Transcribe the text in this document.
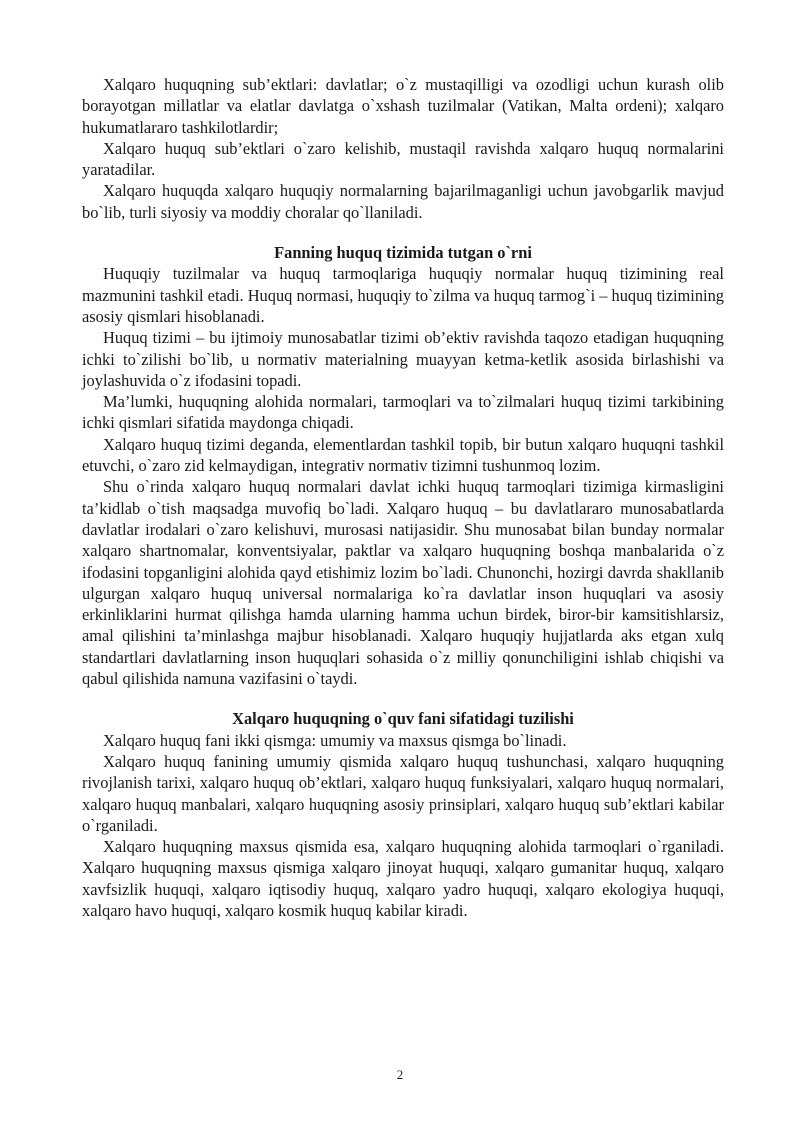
Xalqaro huquqning sub’ektlari: davlatlar; o`z mustaqilligi va ozodligi uchun kurash olib borayotgan millatlar va elatlar davlatga o`xshash tuzilmalar (Vatikan, Malta ordeni); xalqaro hukumatlararo tashkilotlardir;

Xalqaro huquq sub’ektlari o`zaro kelishib, mustaqil ravishda xalqaro huquq normalarini yaratadilar.

Xalqaro huquqda xalqaro huquqiy normalarning bajarilmaganligi uchun javobgarlik mavjud bo`lib, turli siyosiy va moddiy choralar qo`llaniladi.

Fanning huquq tizimida tutgan o`rni

Huquqiy tuzilmalar va huquq tarmoqlariga huquqiy normalar huquq tizimining real mazmunini tashkil etadi. Huquq normasi, huquqiy to`zilma va huquq tarmog`i – huquq tizimining asosiy qismlari hisoblanadi.

Huquq tizimi – bu ijtimoiy munosabatlar tizimi ob’ektiv ravishda taqozo etadigan huquqning ichki to`zilishi bo`lib, u normativ materialning muayyan ketma-ketlik asosida birlashishi va joylashuvida o`z ifodasini topadi.

Ma’lumki, huquqning alohida normalari, tarmoqlari va to`zilmalari huquq tizimi tarkibining ichki qismlari sifatida maydonga chiqadi.

Xalqaro huquq tizimi deganda, elementlardan tashkil topib, bir butun xalqaro huquqni tashkil etuvchi, o`zaro zid kelmaydigan, integrativ normativ tizimni tushunmoq lozim.

Shu o`rinda xalqaro huquq normalari davlat ichki huquq tarmoqlari tizimiga kirmasligini ta’kidlab o`tish maqsadga muvofiq bo`ladi. Xalqaro huquq – bu davlatlararo munosabatlarda davlatlar irodalari o`zaro kelishuvi, murosasi natijasidir. Shu munosabat bilan bunday normalar xalqaro shartnomalar, konventsiyalar, paktlar va xalqaro huquqning boshqa manbalarida o`z ifodasini topganligini alohida qayd etishimiz lozim bo`ladi. Chunonchi, hozirgi davrda shakllanib ulgurgan xalqaro huquq universal normalariga ko`ra davlatlar inson huquqlari va asosiy erkinliklarini hurmat qilishga hamda ularning hamma uchun birdek, biror-bir kamsitishlarsiz, amal qilishini ta’minlashga majbur hisoblanadi. Xalqaro huquqiy hujjatlarda aks etgan xulq standartlari davlatlarning inson huquqlari sohasida o`z milliy qonunchiligini ishlab chiqishi va qabul qilishida namuna vazifasini o`taydi.

Xalqaro huquqning o`quv fani sifatidagi tuzilishi

Xalqaro huquq fani ikki qismga: umumiy va maxsus qismga bo`linadi.

Xalqaro huquq fanining umumiy qismida xalqaro huquq tushunchasi, xalqaro huquqning rivojlanish tarixi, xalqaro huquq ob’ektlari, xalqaro huquq funksiyalari, xalqaro huquq normalari, xalqaro huquq manbalari, xalqaro huquqning asosiy prinsiplari, xalqaro huquq sub’ektlari kabilar o`rganiladi.

Xalqaro huquqning maxsus qismida esa, xalqaro huquqning alohida tarmoqlari o`rganiladi. Xalqaro huquqning maxsus qismiga xalqaro jinoyat huquqi, xalqaro gumanitar huquq, xalqaro xavfsizlik huquqi, xalqaro iqtisodiy huquq, xalqaro yadro huquqi, xalqaro ekologiya huquqi, xalqaro havo huquqi, xalqaro kosmik huquq kabilar kiradi.

2
